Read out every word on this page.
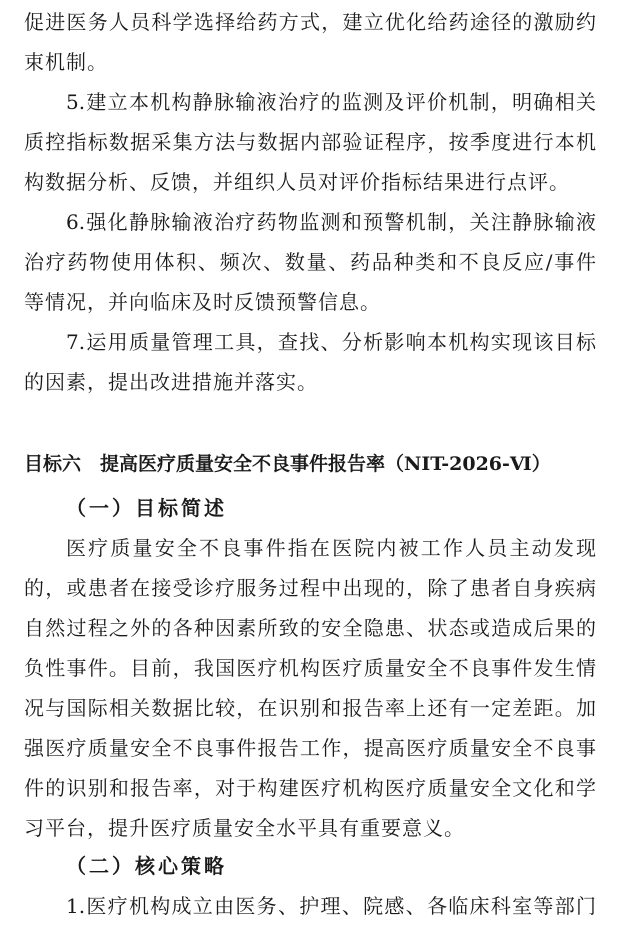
促进医务人员科学选择给药方式，建立优化给药途径的激励约
束机制。
5.建立本机构静脉输液治疗的监测及评价机制，明确相关
质控指标数据采集方法与数据内部验证程序，按季度进行本机
构数据分析、反馈，并组织人员对评价指标结果进行点评。
6.强化静脉输液治疗药物监测和预警机制，关注静脉输液
治疗药物使用体积、频次、数量、药品种类和不良反应/事件
等情况，并向临床及时反馈预警信息。
7.运用质量管理工具，查找、分析影响本机构实现该目标
的因素，提出改进措施并落实。
目标六　提高医疗质量安全不良事件报告率（NIT-2026-Ⅵ）
（一）目标简述
医疗质量安全不良事件指在医院内被工作人员主动发现
的，或患者在接受诊疗服务过程中出现的，除了患者自身疾病
自然过程之外的各种因素所致的安全隐患、状态或造成后果的
负性事件。目前，我国医疗机构医疗质量安全不良事件发生情
况与国际相关数据比较，在识别和报告率上还有一定差距。加
强医疗质量安全不良事件报告工作，提高医疗质量安全不良事
件的识别和报告率，对于构建医疗机构医疗质量安全文化和学
习平台，提升医疗质量安全水平具有重要意义。
（二）核心策略
1.医疗机构成立由医务、护理、院感、各临床科室等部门
